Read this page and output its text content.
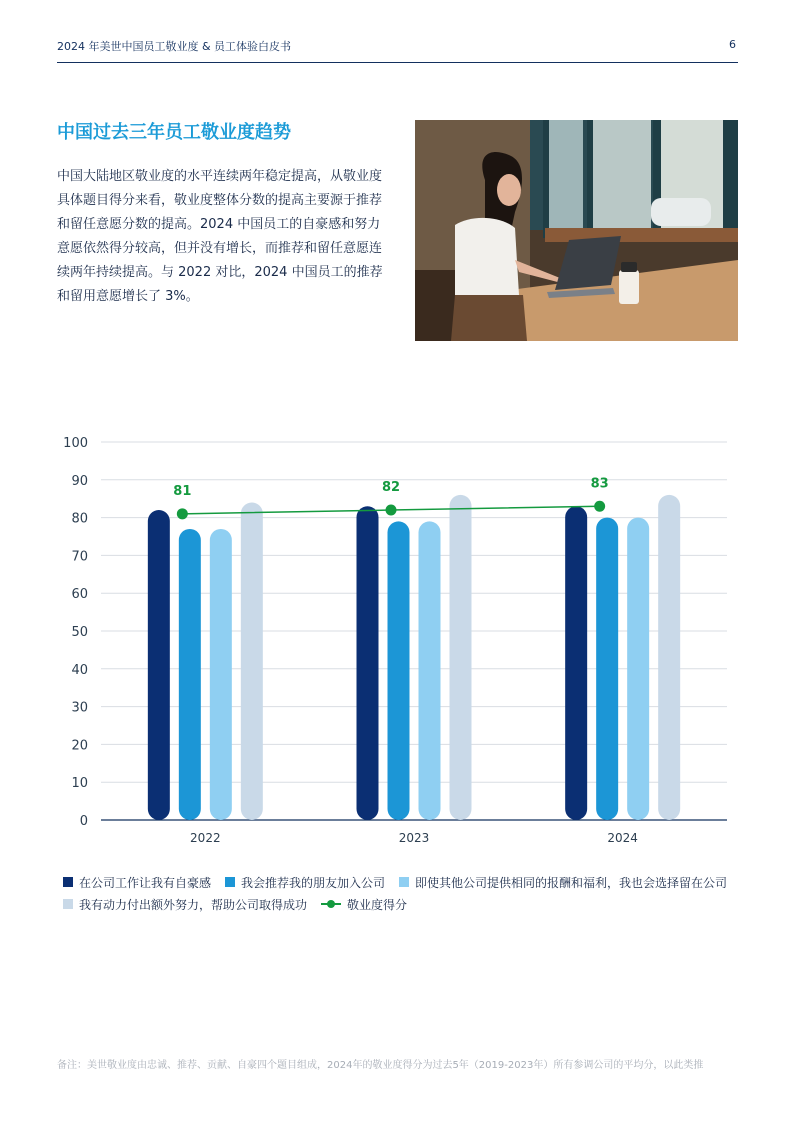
2024 年美世中国员工敬业度 & 员工体验白皮书	6
中国过去三年员工敬业度趋势
中国大陆地区敬业度的水平连续两年稳定提高，从敬业度具体题目得分来看，敬业度整体分数的提高主要源于推荐和留任意愿分数的提高。2024 中国员工的自豪感和努力意愿依然得分较高，但并没有增长，而推荐和留任意愿连续两年持续提高。与 2022 对比，2024 中国员工的推荐和留用意愿增长了 3%。
0
10
20
30
40
50
60
70
80
90
100
2022	2023	2024
81	82	83
在公司工作让我有自豪感	我会推荐我的朋友加入公司	即使其他公司提供相同的报酬和福利，我也会选择留在公司
我有动力付出额外努力，帮助公司取得成功	敬业度得分
备注：美世敬业度由忠诚、推荐、贡献、自豪四个题目组成，2024年的敬业度得分为过去5年（2019-2023年）所有参调公司的平均分，以此类推
